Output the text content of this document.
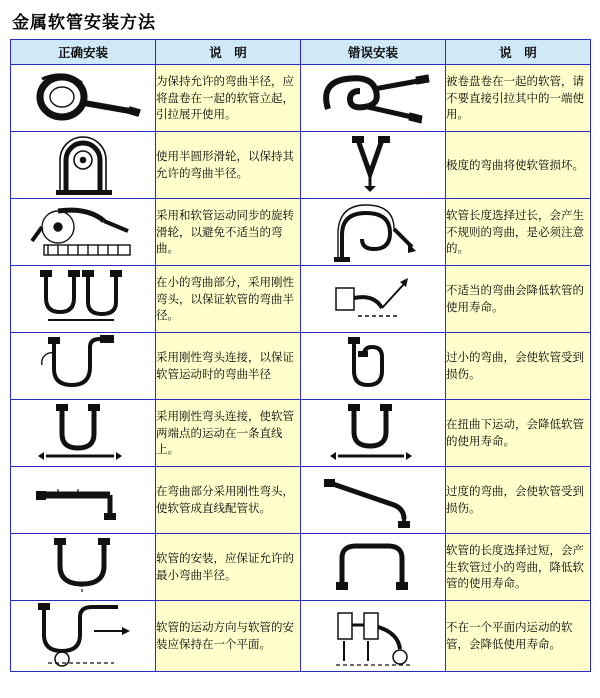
金属软管安装方法
正确安装	说　明	错误安装	说　明

	为保持允许的弯曲半径，应将盘卷在一起的软管立起，引拉展开使用。		被卷盘卷在一起的软管，请不要直接引拉其中的一端使用。

	使用半圆形滑轮，以保持其允许的弯曲半径。		极度的弯曲将使软管损坏。

	采用和软管运动同步的旋转滑轮，以避免不适当的弯曲。		软管长度选择过长，会产生不规则的弯曲，是必须注意的。

	在小的弯曲部分，采用刚性弯头，以保证软管的弯曲半径。		不适当的弯曲会降低软管的使用寿命。

	采用刚性弯头连接，以保证软管运动时的弯曲半径		过小的弯曲，会使软管受到损伤。

	采用刚性弯头连接，使软管两端点的运动在一条直线上。		在扭曲下运动，会降低软管的使用寿命。

	在弯曲部分采用刚性弯头，使软管成直线配管状。		过度的弯曲，会使软管受到损伤。

	软管的安装，应保证允许的最小弯曲半径。		软管的长度选择过短，会产生软管过小的弯曲，降低软管的使用寿命。

	软管的运动方向与软管的安装应保持在一个平面。		不在一个平面内运动的软管，会降低使用寿命。
